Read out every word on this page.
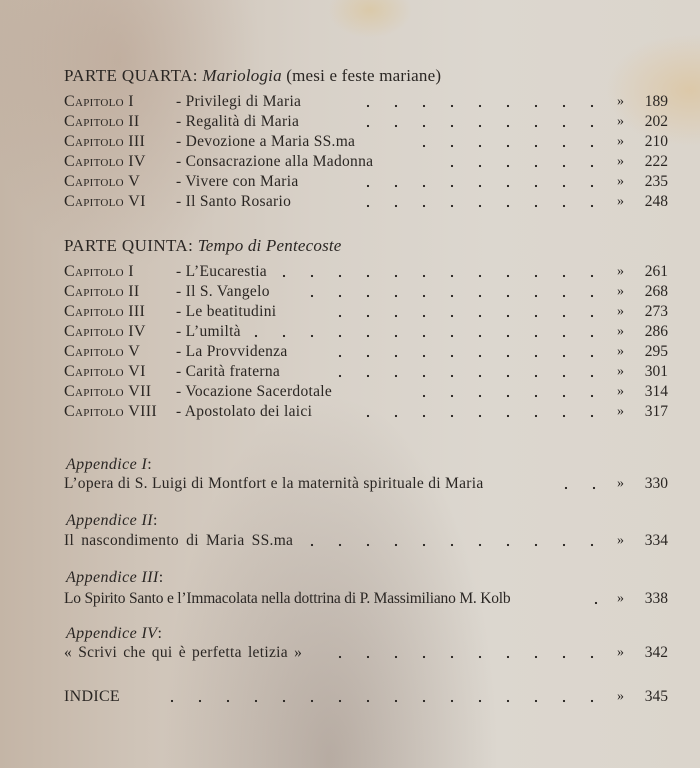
PARTE QUARTA: Mariologia (mesi e feste mariane)
Capitolo I	- Privilegi di Maria	» 189
Capitolo II - Regalità di Maria	» 202
Capitolo III - Devozione a Maria SS.ma	» 210
Capitolo IV - Consacrazione alla Madonna	» 222
Capitolo V - Vivere con Maria	» 235
Capitolo VI - Il Santo Rosario	» 248
PARTE QUINTA: Tempo di Pentecoste
Capitolo I	- L’Eucarestia	» 261
Capitolo II - Il S. Vangelo	» 268
Capitolo III - Le beatitudini	» 273
Capitolo IV - L’umiltà	» 286
Capitolo V - La Provvidenza	» 295
Capitolo VI - Carità fraterna	» 301
Capitolo VII - Vocazione Sacerdotale	» 314
Capitolo VIII - Apostolato dei laici	» 317
Appendice I:
L’opera di S. Luigi di Montfort e la maternità spirituale di Maria	» 330
Appendice II:
Il nascondimento di Maria SS.ma	» 334
Appendice III:
Lo Spirito Santo e l’Immacolata nella dottrina di P. Massimiliano M. Kolb	» 338
Appendice IV:
« Scrivi che qui è perfetta letizia »	» 342
INDICE	» 345
